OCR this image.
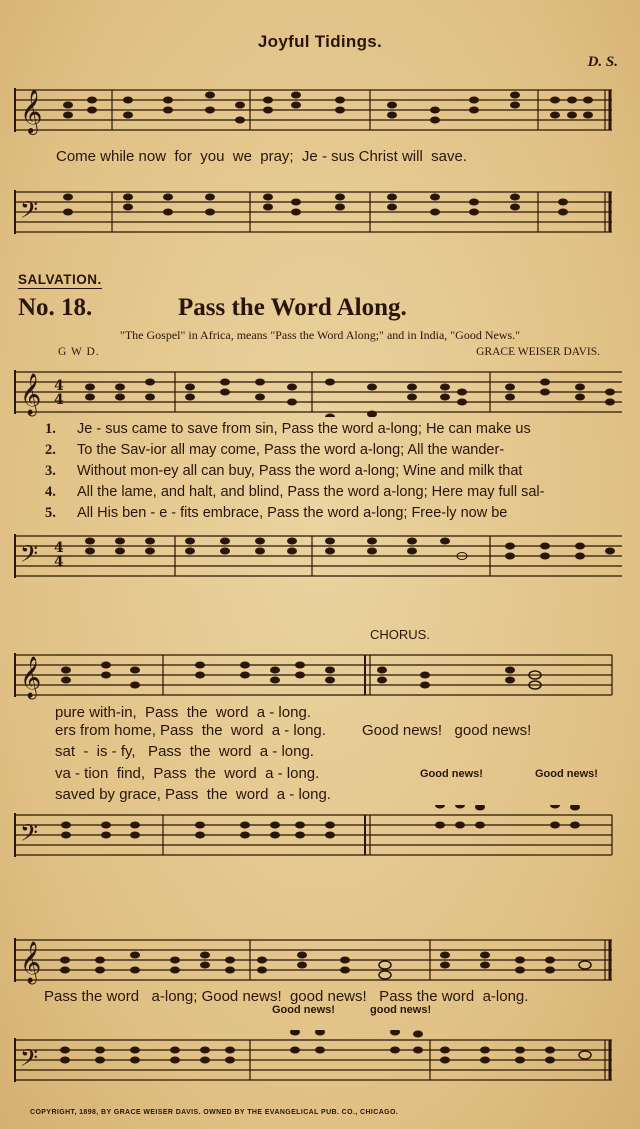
Joyful Tidings.
D. S.
𝄞
Come while now  for  you  we  pray;  Je - sus Christ will  save.
𝄢
SALVATION.
No. 18.	Pass the Word Along.
"The Gospel" in Africa, means "Pass the Word Along;" and in India, "Good News."
G W D.	GRACE WEISER DAVIS.
𝄞 4
4
1. Je - sus came to save from sin, Pass the word a-long; He can make us
2. To the Sav-ior all may come, Pass the word a-long; All the wander-
3. Without mon-ey all can buy, Pass the word a-long; Wine and milk that
4. All the lame, and halt, and blind, Pass the word a-long; Here may full sal-
5. All His ben - e - fits embrace, Pass the word a-long; Free-ly now be
𝄢 4
4
CHORUS.
𝄞
pure with-in,  Pass  the  word  a - long.
ers from home, Pass  the  word  a - long. Good news!   good news!
sat  -  is - fy,   Pass  the  word  a - long.
va - tion  find,  Pass  the  word  a - long.	Good news!	Good news!
saved by grace, Pass  the  word  a - long.
𝄢
𝄞
Pass the word   a-long; Good news!  good news!   Pass the word  a-long.
Good news!	good news!
𝄢
COPYRIGHT, 1898, BY GRACE WEISER DAVIS. OWNED BY THE EVANGELICAL PUB. CO., CHICAGO.
